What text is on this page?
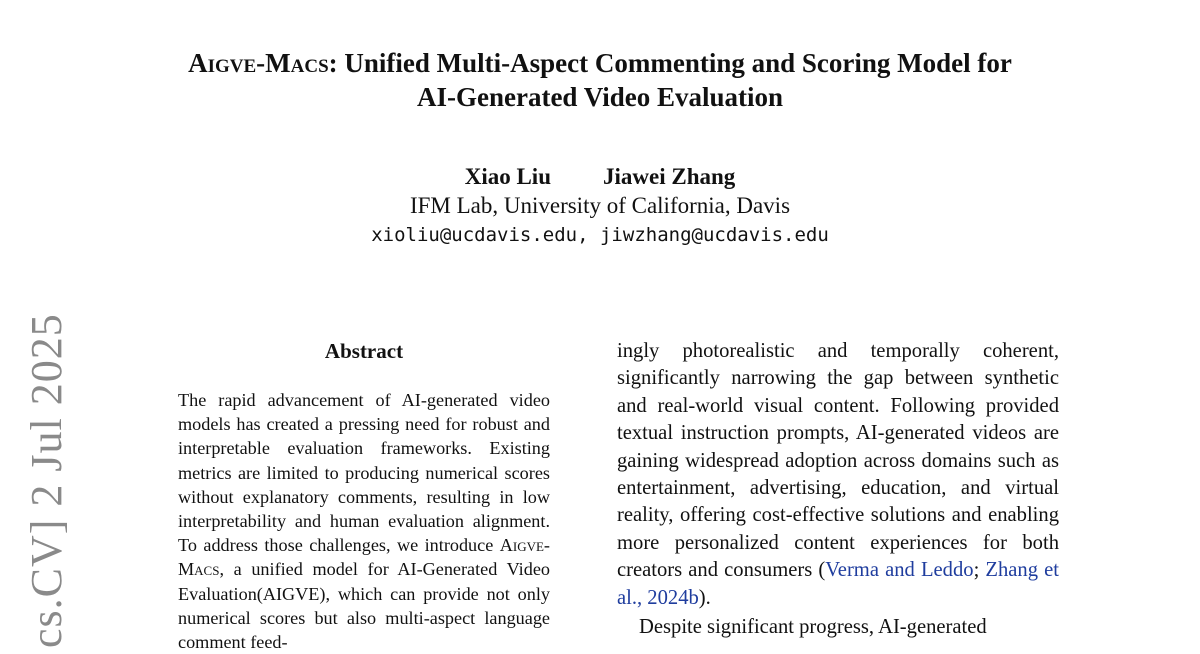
cs.CV] 2 Jul 2025
Aigve-Macs: Unified Multi-Aspect Commenting and Scoring Model for
AI-Generated Video Evaluation
Xiao Liu Jiawei Zhang
IFM Lab, University of California, Davis
xioliu@ucdavis.edu, jiwzhang@ucdavis.edu
Abstract
The rapid advancement of AI-generated video models has created a pressing need for robust and interpretable evaluation frameworks. Existing metrics are limited to producing numerical scores without explanatory comments, resulting in low interpretability and human evaluation alignment. To address those challenges, we introduce Aigve-Macs, a unified model for AI-Generated Video Evaluation(AIGVE), which can provide not only numerical scores but also multi-aspect language comment feed-

ingly photorealistic and temporally coherent, significantly narrowing the gap between synthetic and real-world visual content. Following provided textual instruction prompts, AI-generated videos are gaining widespread adoption across domains such as entertainment, advertising, education, and virtual reality, offering cost-effective solutions and enabling more personalized content experiences for both creators and consumers (Verma and Leddo; Zhang et al., 2024b).

Despite significant progress, AI-generated
